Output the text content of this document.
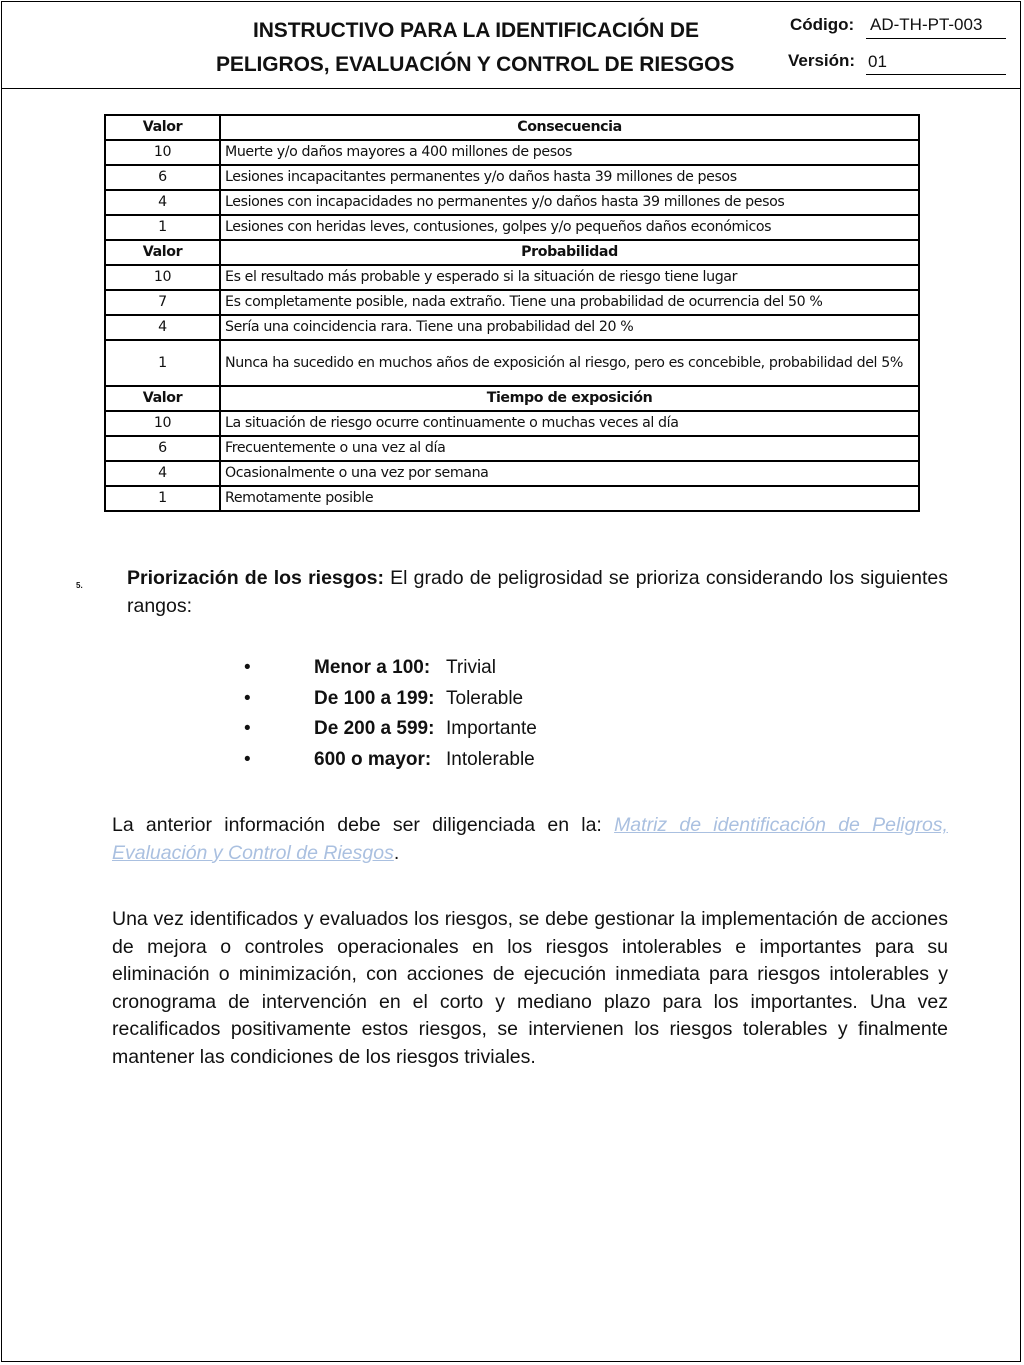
INSTRUCTIVO PARA LA IDENTIFICACIÓN DE
PELIGROS, EVALUACIÓN Y CONTROL DE RIESGOS
Código: AD-TH-PT-003
Versión: 01
Valor	Consecuencia
10	Muerte y/o daños mayores a 400 millones de pesos
6	Lesiones incapacitantes permanentes y/o daños hasta 39 millones de pesos
4	Lesiones con incapacidades no permanentes y/o daños hasta 39 millones de pesos
1	Lesiones con heridas leves, contusiones, golpes y/o pequeños daños económicos
Valor	Probabilidad
10	Es el resultado más probable y esperado si la situación de riesgo tiene lugar
7	Es completamente posible, nada extraño. Tiene una probabilidad de ocurrencia del 50 %
4	Sería una coincidencia rara. Tiene una probabilidad del 20 %
1	Nunca ha sucedido en muchos años de exposición al riesgo, pero es concebible, probabilidad del 5%
Valor	Tiempo de exposición
10	La situación de riesgo ocurre continuamente o muchas veces al día
6	Frecuentemente o una vez al día
4	Ocasionalmente o una vez por semana
1	Remotamente posible
5. Priorización de los riesgos: El grado de peligrosidad se prioriza considerando los siguientes rangos:
•	Menor a 100: Trivial
•	De 100 a 199: Tolerable
•	De 200 a 599: Importante
•	600 o mayor: Intolerable
La anterior información debe ser diligenciada en la: Matriz de identificación de Peligros, Evaluación y Control de Riesgos.
Una vez identificados y evaluados los riesgos, se debe gestionar la implementación de acciones de mejora o controles operacionales en los riesgos intolerables e importantes para su eliminación o minimización, con acciones de ejecución inmediata para riesgos intolerables y cronograma de intervención en el corto y mediano plazo para los importantes. Una vez recalificados positivamente estos riesgos, se intervienen los riesgos tolerables y finalmente mantener las condiciones de los riesgos triviales.
